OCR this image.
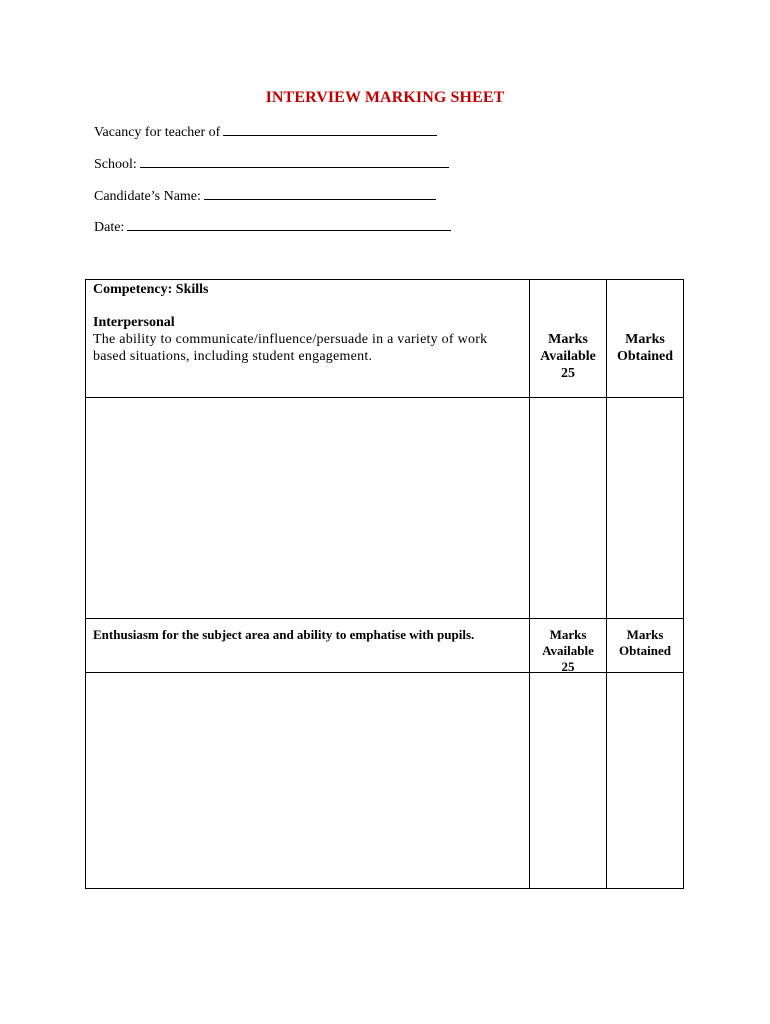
INTERVIEW MARKING SHEET
Vacancy for teacher of
School:
Candidate’s Name:
Date:
Competency: Skills
Interpersonal
The ability to communicate/influence/persuade in a variety of work
based situations, including student engagement.
Marks
Available
25
Marks
Obtained
Enthusiasm for the subject area and ability to emphatise with pupils.	Marks
Available
25
Marks
Obtained
